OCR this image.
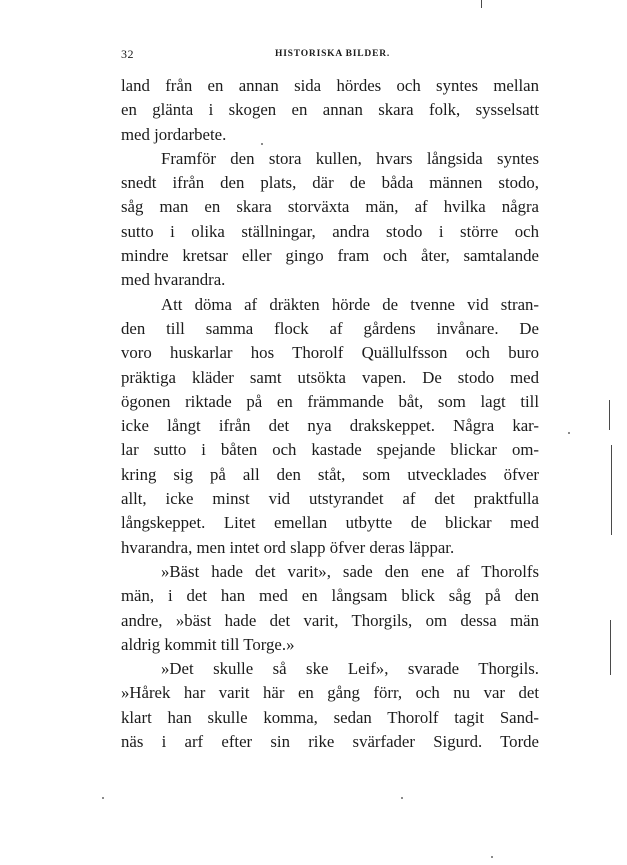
32	HISTORISKA BILDER.
land från en annan sida hördes och syntes mellan
en glänta i skogen en annan skara folk, sysselsatt
med jordarbete.
Framför den stora kullen, hvars långsida syntes
snedt ifrån den plats, där de båda männen stodo,
såg man en skara storväxta män, af hvilka några
sutto i olika ställningar, andra stodo i större och
mindre kretsar eller gingo fram och åter, samtalande
med hvarandra.
Att döma af dräkten hörde de tvenne vid stran-
den till samma flock af gårdens invånare. De
voro huskarlar hos Thorolf Quällulfsson och buro
präktiga kläder samt utsökta vapen. De stodo med
ögonen riktade på en främmande båt, som lagt till
icke långt ifrån det nya drakskeppet. Några kar-
lar sutto i båten och kastade spejande blickar om-
kring sig på all den ståt, som utvecklades öfver
allt, icke minst vid utstyrandet af det praktfulla
långskeppet. Litet emellan utbytte de blickar med
hvarandra, men intet ord slapp öfver deras läppar.
»Bäst hade det varit», sade den ene af Thorolfs
män, i det han med en långsam blick såg på den
andre, »bäst hade det varit, Thorgils, om dessa män
aldrig kommit till Torge.»
»Det skulle så ske Leif», svarade Thorgils.
»Hårek har varit här en gång förr, och nu var det
klart han skulle komma, sedan Thorolf tagit Sand-
näs i arf efter sin rike svärfader Sigurd. Torde
